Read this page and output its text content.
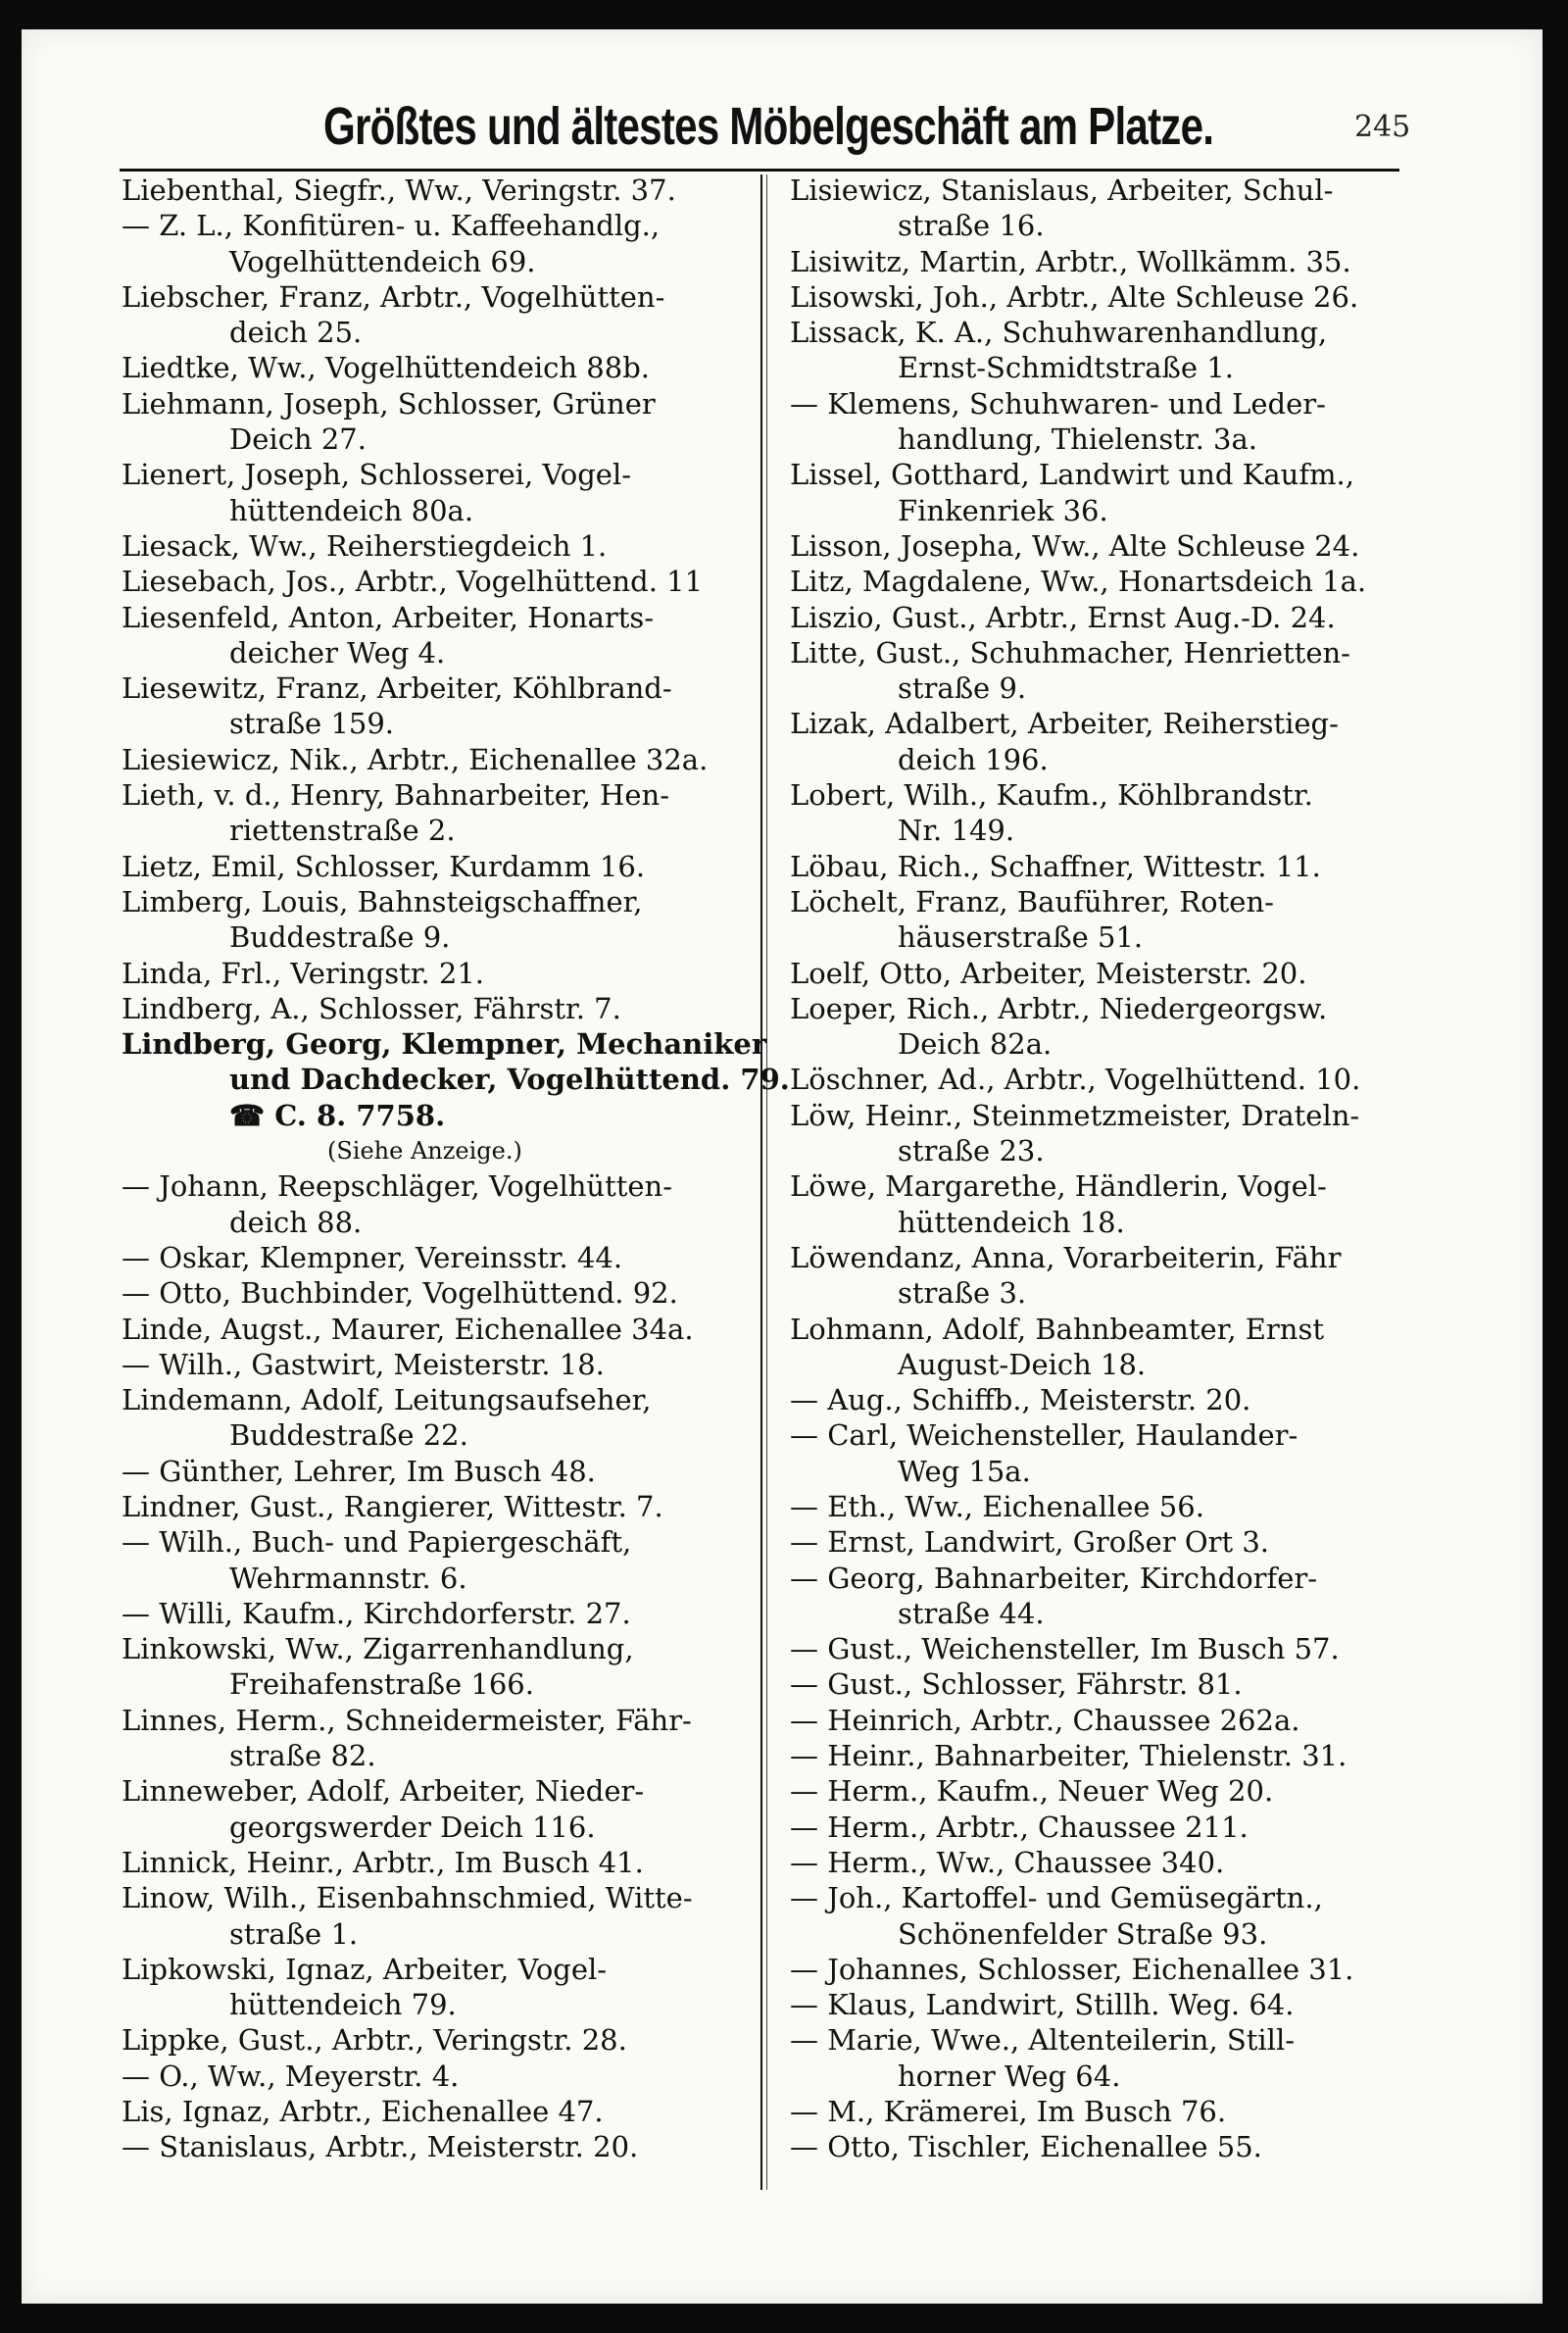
Größtes und ältestes Möbelgeschäft am Platze.	245
Liebenthal, Siegfr., Ww., Veringstr. 37.
— Z. L., Konfitüren- u. Kaffeehandlg.,
Vogelhüttendeich 69.
Liebscher, Franz, Arbtr., Vogelhütten-
deich 25.
Liedtke, Ww., Vogelhüttendeich 88b.
Liehmann, Joseph, Schlosser, Grüner
Deich 27.
Lienert, Joseph, Schlosserei, Vogel-
hüttendeich 80a.
Liesack, Ww., Reiherstiegdeich 1.
Liesebach, Jos., Arbtr., Vogelhüttend. 11
Liesenfeld, Anton, Arbeiter, Honarts-
deicher Weg 4.
Liesewitz, Franz, Arbeiter, Köhlbrand-
straße 159.
Liesiewicz, Nik., Arbtr., Eichenallee 32a.
Lieth, v. d., Henry, Bahnarbeiter, Hen-
riettenstraße 2.
Lietz, Emil, Schlosser, Kurdamm 16.
Limberg, Louis, Bahnsteigschaffner,
Buddestraße 9.
Linda, Frl., Veringstr. 21.
Lindberg, A., Schlosser, Fährstr. 7.
Lindberg, Georg, Klempner, Mechaniker
und Dachdecker, Vogelhüttend. 79.
☎ C. 8. 7758.
(Siehe Anzeige.)
— Johann, Reepschläger, Vogelhütten-
deich 88.
— Oskar, Klempner, Vereinsstr. 44.
— Otto, Buchbinder, Vogelhüttend. 92.
Linde, Augst., Maurer, Eichenallee 34a.
— Wilh., Gastwirt, Meisterstr. 18.
Lindemann, Adolf, Leitungsaufseher,
Buddestraße 22.
— Günther, Lehrer, Im Busch 48.
Lindner, Gust., Rangierer, Wittestr. 7.
— Wilh., Buch- und Papiergeschäft,
Wehrmannstr. 6.
— Willi, Kaufm., Kirchdorferstr. 27.
Linkowski, Ww., Zigarrenhandlung,
Freihafenstraße 166.
Linnes, Herm., Schneidermeister, Fähr-
straße 82.
Linneweber, Adolf, Arbeiter, Nieder-
georgswerder Deich 116.
Linnick, Heinr., Arbtr., Im Busch 41.
Linow, Wilh., Eisenbahnschmied, Witte-
straße 1.
Lipkowski, Ignaz, Arbeiter, Vogel-
hüttendeich 79.
Lippke, Gust., Arbtr., Veringstr. 28.
— O., Ww., Meyerstr. 4.
Lis, Ignaz, Arbtr., Eichenallee 47.
— Stanislaus, Arbtr., Meisterstr. 20.
Lisiewicz, Stanislaus, Arbeiter, Schul-
straße 16.
Lisiwitz, Martin, Arbtr., Wollkämm. 35.
Lisowski, Joh., Arbtr., Alte Schleuse 26.
Lissack, K. A., Schuhwarenhandlung,
Ernst-Schmidtstraße 1.
— Klemens, Schuhwaren- und Leder-
handlung, Thielenstr. 3a.
Lissel, Gotthard, Landwirt und Kaufm.,
Finkenriek 36.
Lisson, Josepha, Ww., Alte Schleuse 24.
Litz, Magdalene, Ww., Honartsdeich 1a.
Liszio, Gust., Arbtr., Ernst Aug.-D. 24.
Litte, Gust., Schuhmacher, Henrietten-
straße 9.
Lizak, Adalbert, Arbeiter, Reiherstieg-
deich 196.
Lobert, Wilh., Kaufm., Köhlbrandstr.
Nr. 149.
Löbau, Rich., Schaffner, Wittestr. 11.
Löchelt, Franz, Bauführer, Roten-
häuserstraße 51.
Loelf, Otto, Arbeiter, Meisterstr. 20.
Loeper, Rich., Arbtr., Niedergeorgsw.
Deich 82a.
Löschner, Ad., Arbtr., Vogelhüttend. 10.
Löw, Heinr., Steinmetzmeister, Drateln-
straße 23.
Löwe, Margarethe, Händlerin, Vogel-
hüttendeich 18.
Löwendanz, Anna, Vorarbeiterin, Fähr
straße 3.
Lohmann, Adolf, Bahnbeamter, Ernst
August-Deich 18.
— Aug., Schiffb., Meisterstr. 20.
— Carl, Weichensteller, Haulander-
Weg 15a.
— Eth., Ww., Eichenallee 56.
— Ernst, Landwirt, Großer Ort 3.
— Georg, Bahnarbeiter, Kirchdorfer-
straße 44.
— Gust., Weichensteller, Im Busch 57.
— Gust., Schlosser, Fährstr. 81.
— Heinrich, Arbtr., Chaussee 262a.
— Heinr., Bahnarbeiter, Thielenstr. 31.
— Herm., Kaufm., Neuer Weg 20.
— Herm., Arbtr., Chaussee 211.
— Herm., Ww., Chaussee 340.
— Joh., Kartoffel- und Gemüsegärtn.,
Schönenfelder Straße 93.
— Johannes, Schlosser, Eichenallee 31.
— Klaus, Landwirt, Stillh. Weg. 64.
— Marie, Wwe., Altenteilerin, Still-
horner Weg 64.
— M., Krämerei, Im Busch 76.
— Otto, Tischler, Eichenallee 55.
